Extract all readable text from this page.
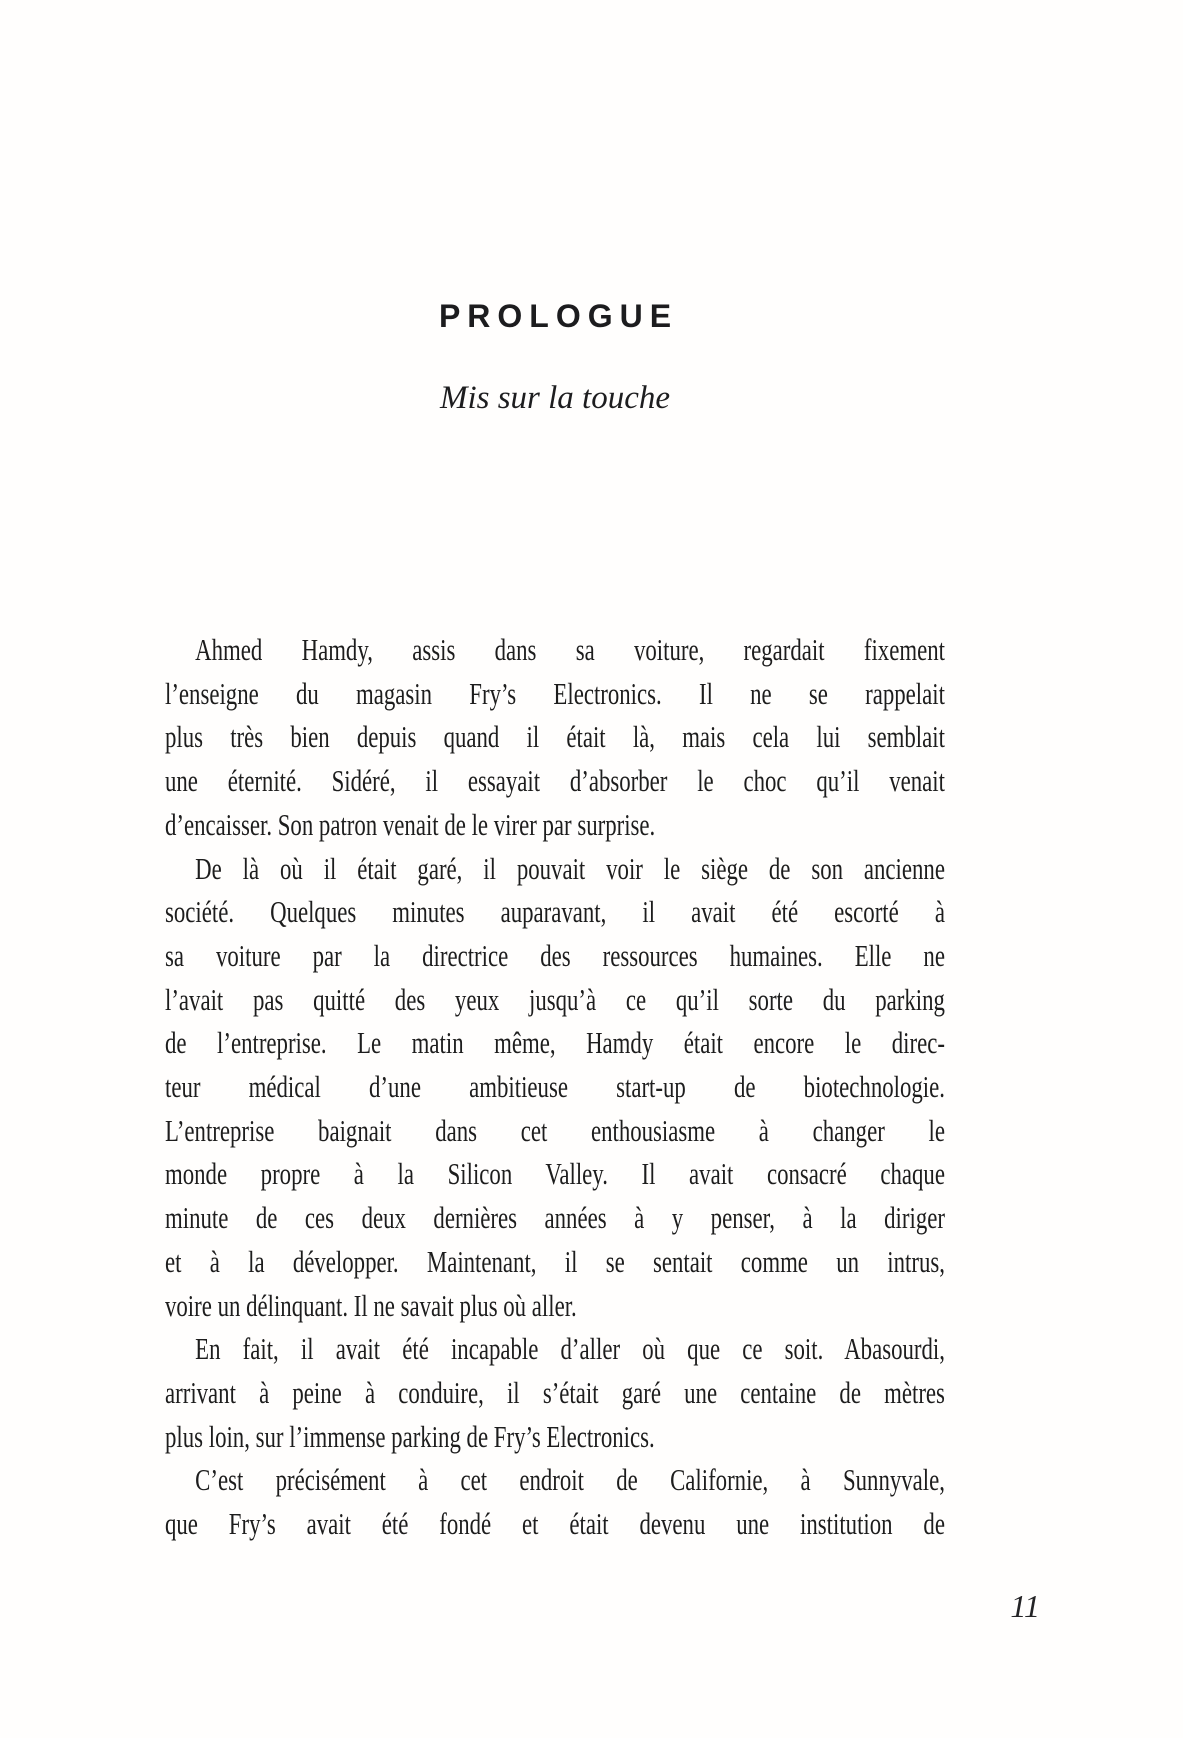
PROLOGUE
Mis sur la touche
Ahmed Hamdy, assis dans sa voiture, regardait fixement
l’enseigne du magasin Fry’s Electronics. Il ne se rappelait
plus très bien depuis quand il était là, mais cela lui semblait
une éternité. Sidéré, il essayait d’absorber le choc qu’il venait
d’encaisser. Son patron venait de le virer par surprise.
De là où il était garé, il pouvait voir le siège de son ancienne
société. Quelques minutes auparavant, il avait été escorté à
sa voiture par la directrice des ressources humaines. Elle ne
l’avait pas quitté des yeux jusqu’à ce qu’il sorte du parking
de l’entreprise. Le matin même, Hamdy était encore le direc-
teur médical d’une ambitieuse start-up de biotechnologie.
L’entreprise baignait dans cet enthousiasme à changer le
monde propre à la Silicon Valley. Il avait consacré chaque
minute de ces deux dernières années à y penser, à la diriger
et à la développer. Maintenant, il se sentait comme un intrus,
voire un délinquant. Il ne savait plus où aller.
En fait, il avait été incapable d’aller où que ce soit. Abasourdi,
arrivant à peine à conduire, il s’était garé une centaine de mètres
plus loin, sur l’immense parking de Fry’s Electronics.
C’est précisément à cet endroit de Californie, à Sunnyvale,
que Fry’s avait été fondé et était devenu une institution de
11
